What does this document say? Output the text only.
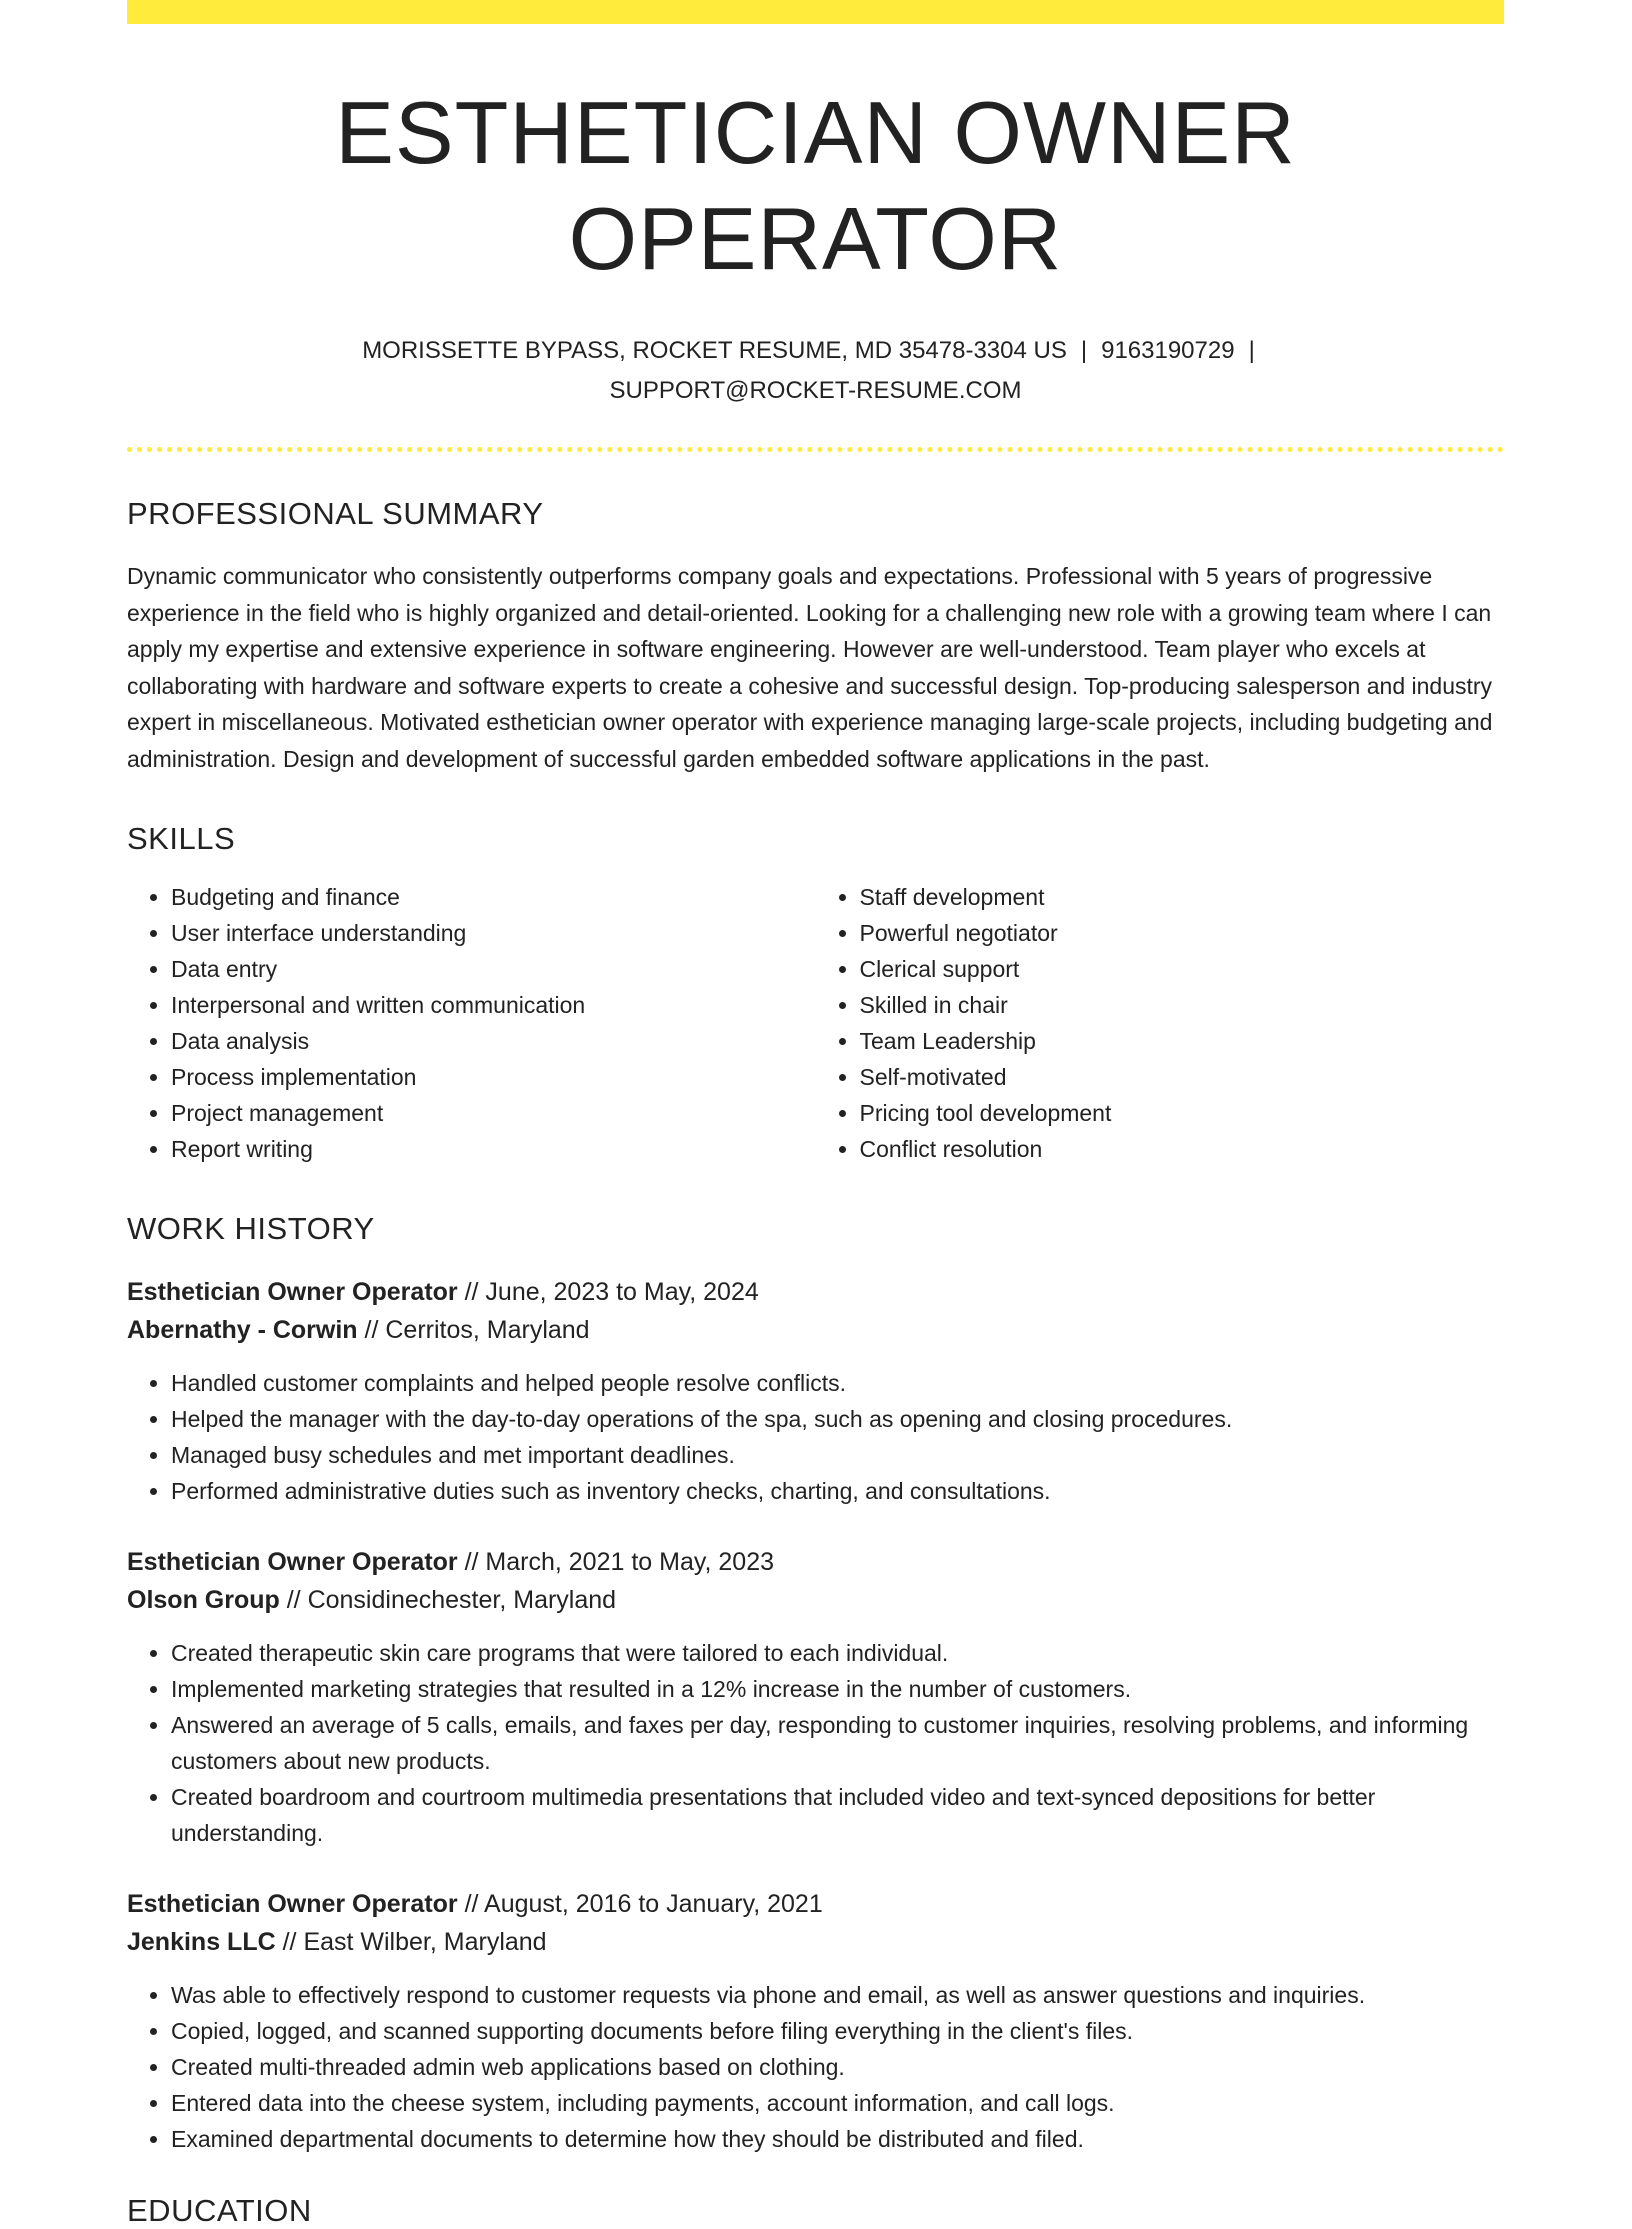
ESTHETICIAN OWNER OPERATOR
MORISSETTE BYPASS, ROCKET RESUME, MD 35478-3304 US | 9163190729 |
SUPPORT@ROCKET-RESUME.COM
PROFESSIONAL SUMMARY

Dynamic communicator who consistently outperforms company goals and expectations. Professional with 5 years of progressive experience in the field who is highly organized and detail-oriented. Looking for a challenging new role with a growing team where I can apply my expertise and extensive experience in software engineering. However are well-understood. Team player who excels at collaborating with hardware and software experts to create a cohesive and successful design. Top-producing salesperson and industry expert in miscellaneous. Motivated esthetician owner operator with experience managing large-scale projects, including budgeting and administration. Design and development of successful garden embedded software applications in the past.

SKILLS
• Budgeting and finance
• User interface understanding
• Data entry
• Interpersonal and written communication
• Data analysis
• Process implementation
• Project management
• Report writing
• Staff development
• Powerful negotiator
• Clerical support
• Skilled in chair
• Team Leadership
• Self-motivated
• Pricing tool development
• Conflict resolution
WORK HISTORY
Esthetician Owner Operator // June, 2023 to May, 2024
Abernathy - Corwin // Cerritos, Maryland
• Handled customer complaints and helped people resolve conflicts.
• Helped the manager with the day-to-day operations of the spa, such as opening and closing procedures.
• Managed busy schedules and met important deadlines.
• Performed administrative duties such as inventory checks, charting, and consultations.
Esthetician Owner Operator // March, 2021 to May, 2023
Olson Group // Considinechester, Maryland
• Created therapeutic skin care programs that were tailored to each individual.
• Implemented marketing strategies that resulted in a 12% increase in the number of customers.
• Answered an average of 5 calls, emails, and faxes per day, responding to customer inquiries, resolving problems, and informing customers about new products.
• Created boardroom and courtroom multimedia presentations that included video and text-synced depositions for better understanding.
Esthetician Owner Operator // August, 2016 to January, 2021
Jenkins LLC // East Wilber, Maryland
• Was able to effectively respond to customer requests via phone and email, as well as answer questions and inquiries.
• Copied, logged, and scanned supporting documents before filing everything in the client's files.
• Created multi-threaded admin web applications based on clothing.
• Entered data into the cheese system, including payments, account information, and call logs.
• Examined departmental documents to determine how they should be distributed and filed.
EDUCATION
